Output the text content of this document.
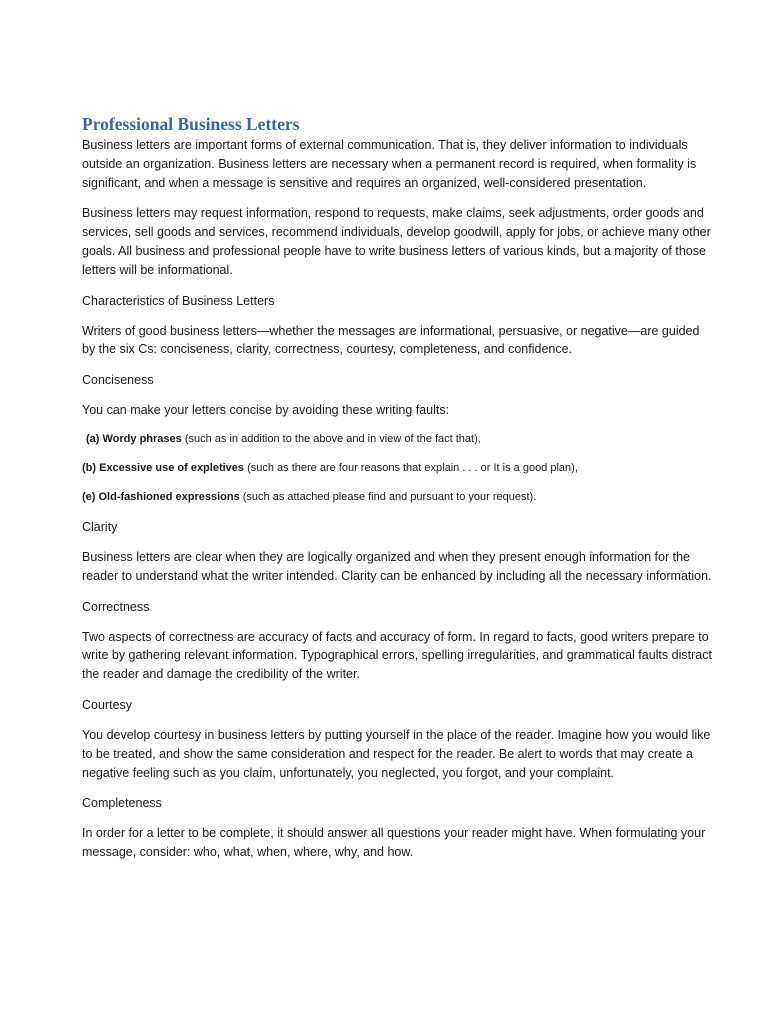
Professional Business Letters

Business letters are important forms of external communication. That is, they deliver information to individuals outside an organization. Business letters are necessary when a permanent record is required, when formality is significant, and when a message is sensitive and requires an organized, well-considered presentation.

Business letters may request information, respond to requests, make claims, seek adjustments, order goods and services, sell goods and services, recommend individuals, develop goodwill, apply for jobs, or achieve many other goals. All business and professional people have to write business letters of various kinds, but a majority of those letters will be informational.

Characteristics of Business Letters

Writers of good business letters—whether the messages are informational, persuasive, or negative—are guided by the six Cs: conciseness, clarity, correctness, courtesy, completeness, and confidence.

Conciseness

You can make your letters concise by avoiding these writing faults:

(a) Wordy phrases (such as in addition to the above and in view of the fact that),

(b) Excessive use of expletives (such as there are four reasons that explain . . . or It is a good plan),

(e) Old-fashioned expressions (such as attached please find and pursuant to your request).

Clarity

Business letters are clear when they are logically organized and when they present enough information for the reader to understand what the writer intended. Clarity can be enhanced by including all the necessary information.

Correctness

Two aspects of correctness are accuracy of facts and accuracy of form. In regard to facts, good writers prepare to write by gathering relevant information. Typographical errors, spelling irregularities, and grammatical faults distract the reader and damage the credibility of the writer.

Courtesy

You develop courtesy in business letters by putting yourself in the place of the reader. Imagine how you would like to be treated, and show the same consideration and respect for the reader. Be alert to words that may create a negative feeling such as you claim, unfortunately, you neglected, you forgot, and your complaint.

Completeness

In order for a letter to be complete, it should answer all questions your reader might have. When formulating your message, consider: who, what, when, where, why, and how.
